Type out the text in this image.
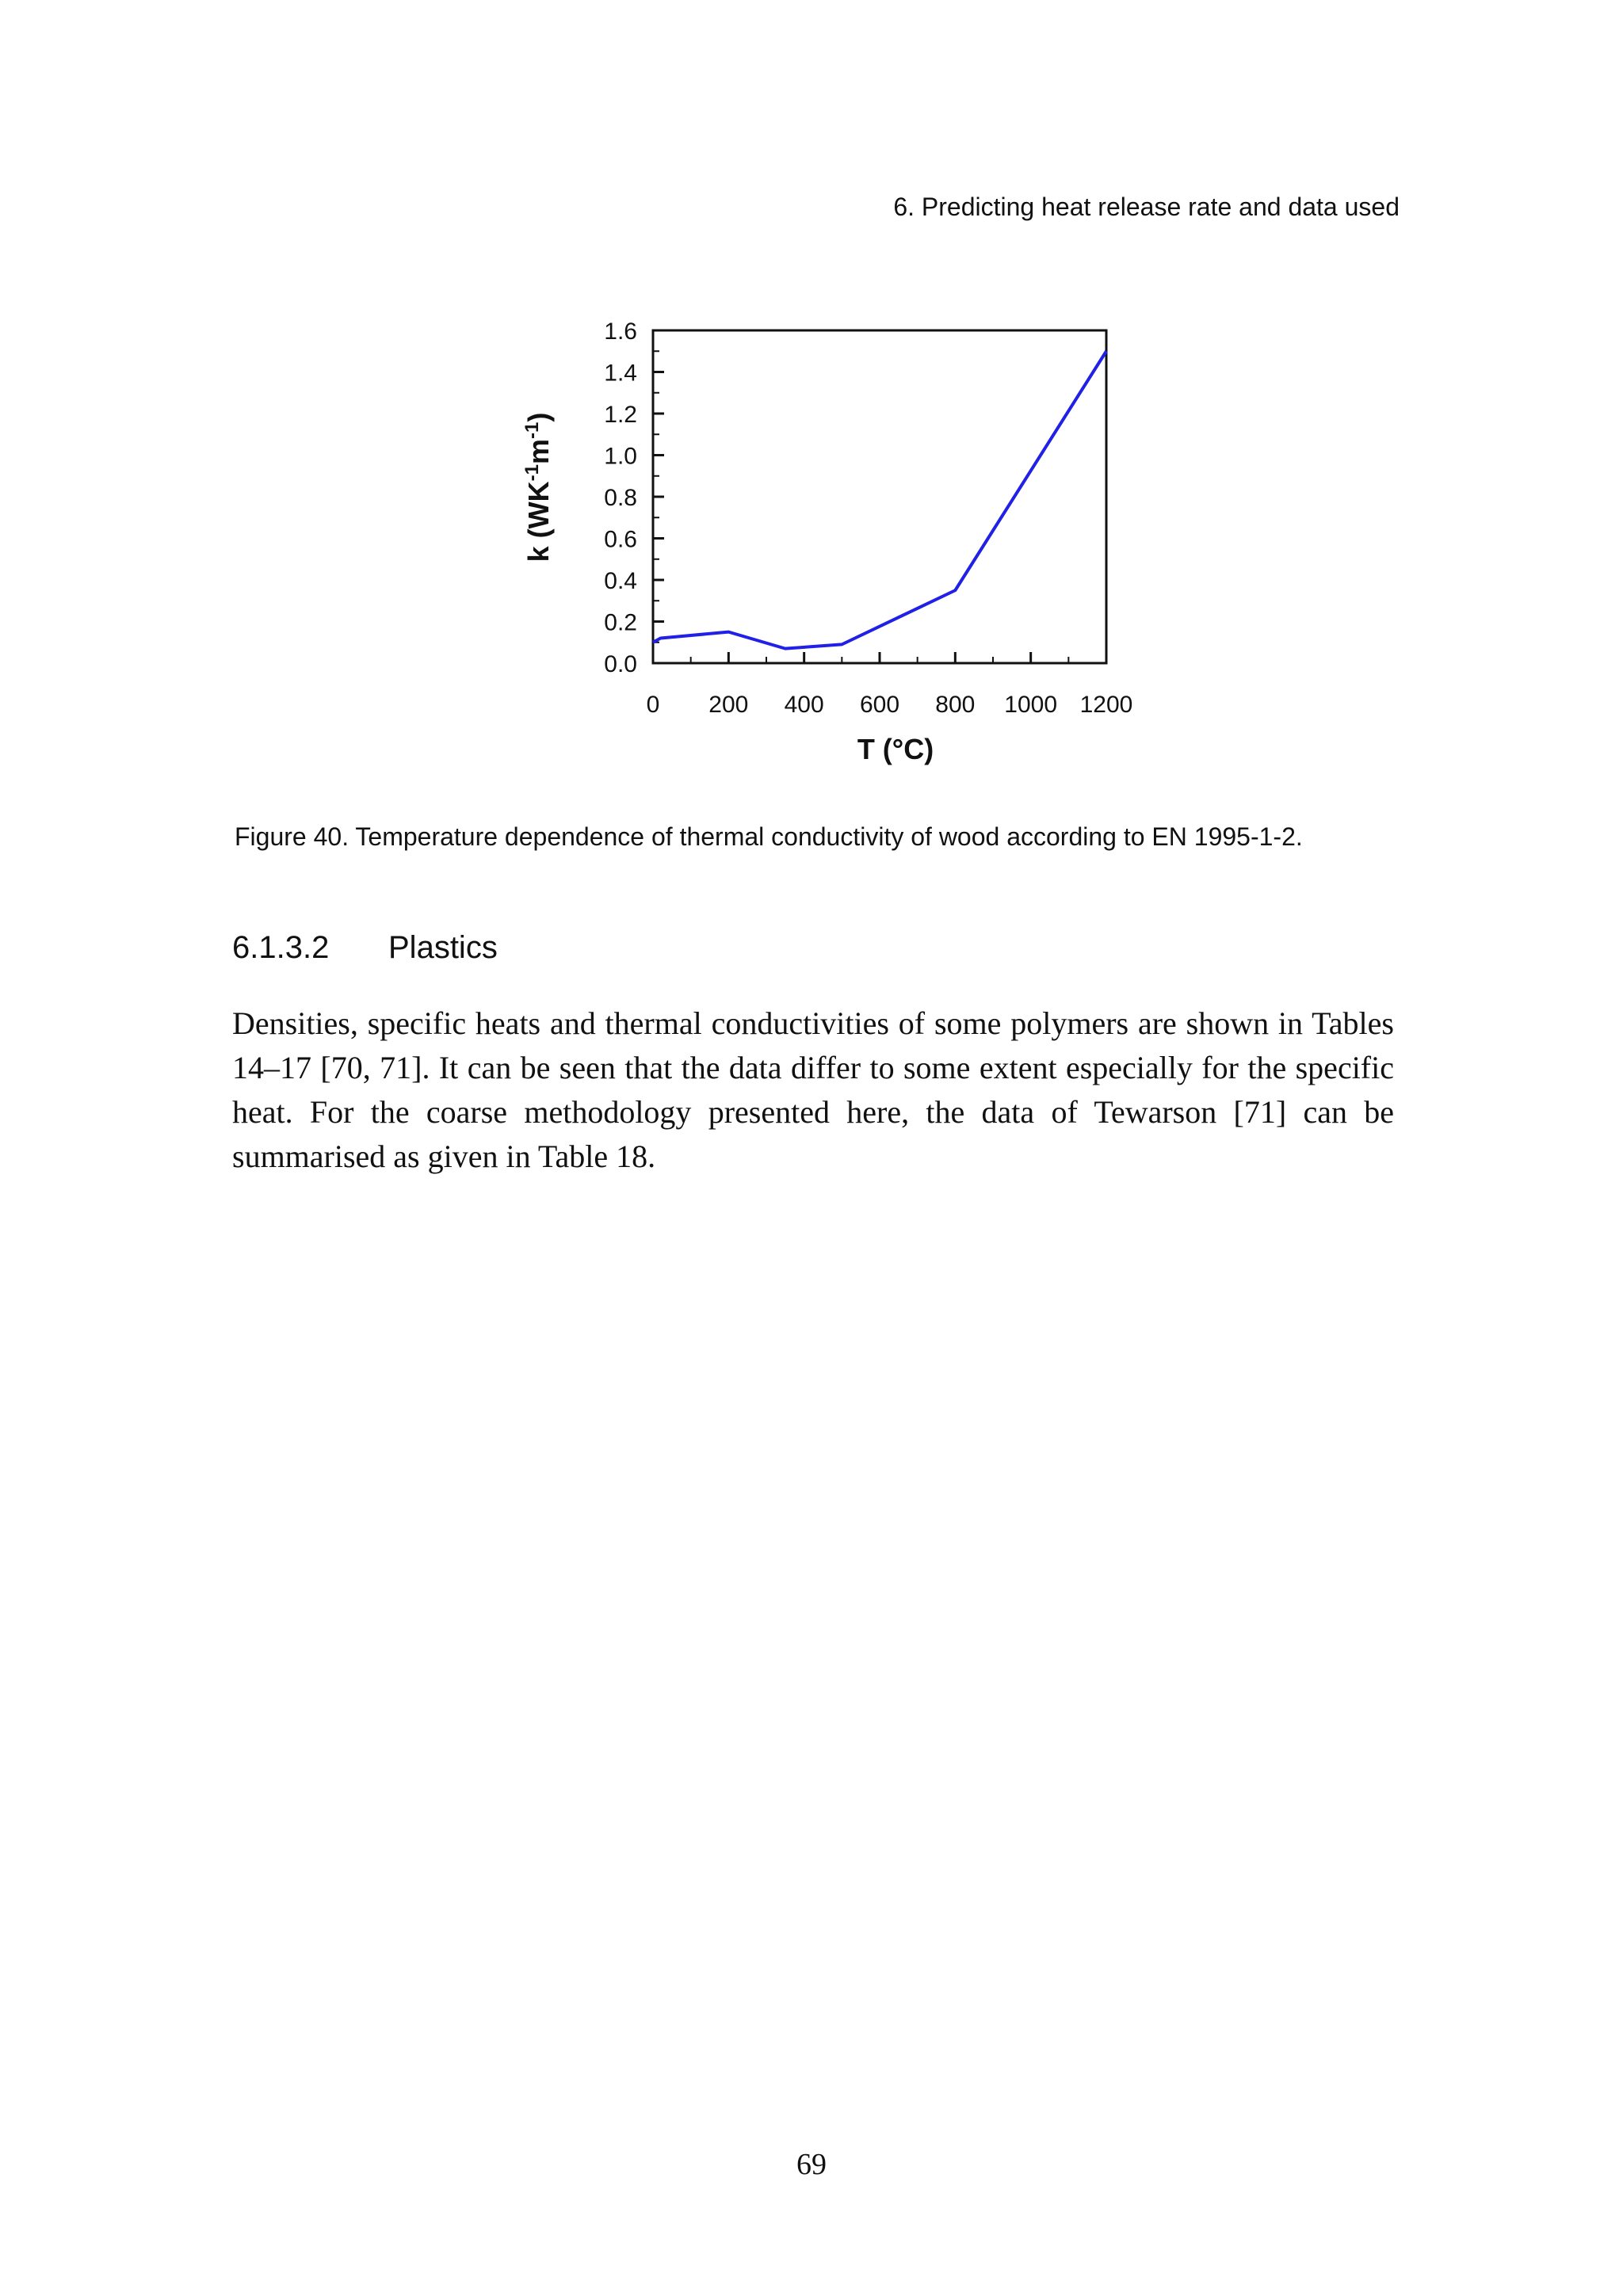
6. Predicting heat release rate and data used
k $(WK^{-1}m^{-1})$
T (°C)
0.0
0.2
0.4
0.6
0.8
1.0
1.2
1.4
1.6
0 200 400 600 800 1000 1200
Figure 40. Temperature dependence of thermal conductivity of wood according to EN 1995-1-2.
6.1.3.2 Plastics

Densities, specific heats and thermal conductivities of some polymers are shown in Tables 14–17 [70, 71]. It can be seen that the data differ to some extent especially for the specific heat. For the coarse methodology presented here, the data of Tewarson [71] can be summarised as given in Table 18.

69
